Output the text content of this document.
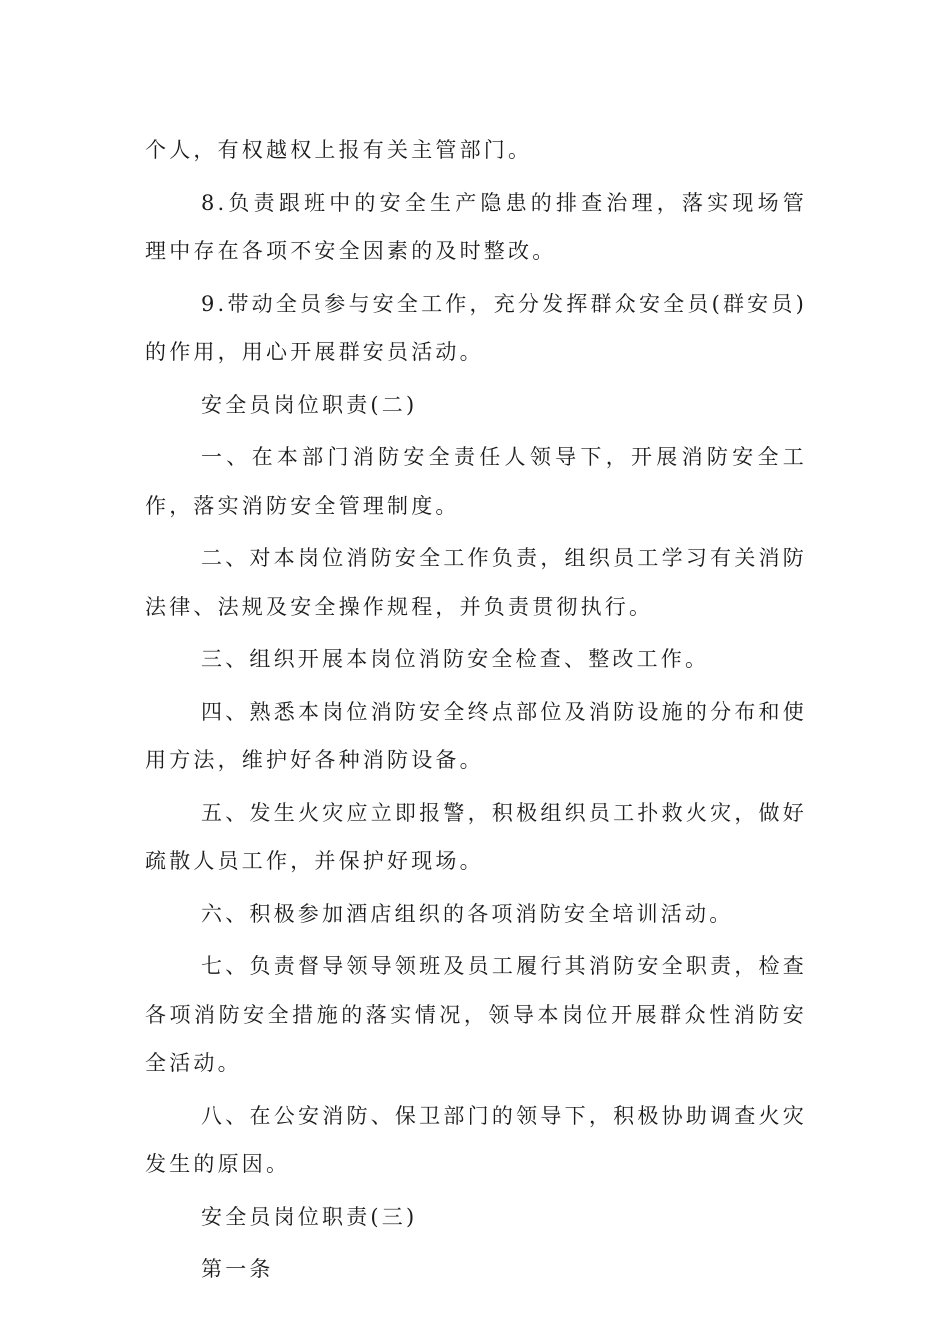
个人，有权越权上报有关主管部门。

8.负责跟班中的安全生产隐患的排查治理，落实现场管理中存在各项不安全因素的及时整改。

9.带动全员参与安全工作，充分发挥群众安全员(群安员)的作用，用心开展群安员活动。

安全员岗位职责(二)

一、在本部门消防安全责任人领导下，开展消防安全工作，落实消防安全管理制度。

二、对本岗位消防安全工作负责，组织员工学习有关消防法律、法规及安全操作规程，并负责贯彻执行。

三、组织开展本岗位消防安全检查、整改工作。

四、熟悉本岗位消防安全终点部位及消防设施的分布和使用方法，维护好各种消防设备。

五、发生火灾应立即报警，积极组织员工扑救火灾，做好疏散人员工作，并保护好现场。

六、积极参加酒店组织的各项消防安全培训活动。

七、负责督导领导领班及员工履行其消防安全职责，检查各项消防安全措施的落实情况，领导本岗位开展群众性消防安全活动。

八、在公安消防、保卫部门的领导下，积极协助调查火灾发生的原因。

安全员岗位职责(三)

第一条
